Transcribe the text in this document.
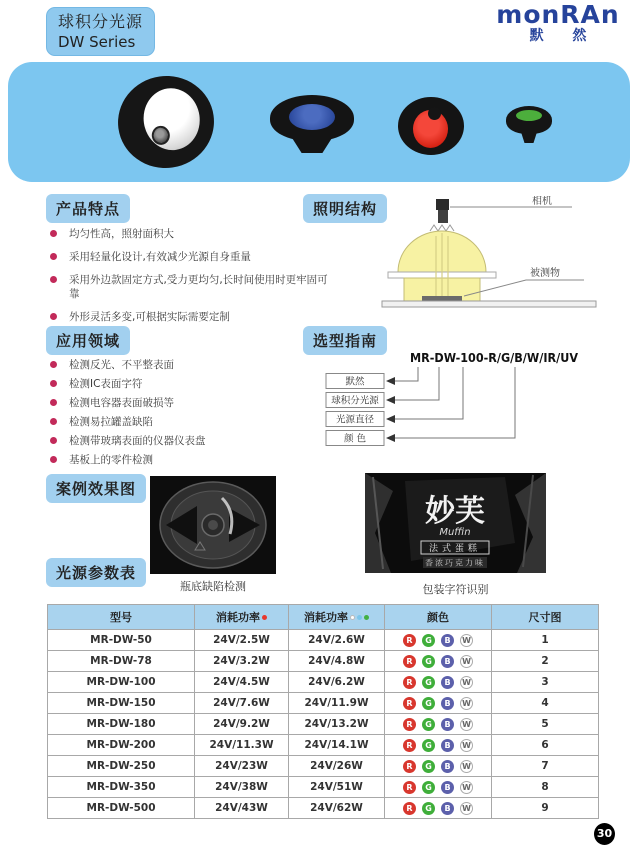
球积分光源
DW Series
monRAn
默 然
产品特点	照明结构
应用领域	选型指南
案例效果图
光源参数表
均匀性高，照射面积大
采用轻量化设计,有效减少光源自身重量
采用外边款固定方式,受力更均匀,长时间使用时更牢固可靠
外形灵活多变,可根据实际需要定制
检测反光、不平整表面
检测IC表面字符
检测电容器表面破损等
检测易拉罐盖缺陷
检测带玻璃表面的仪器仪表盘
基板上的零件检测
相机
被测物
MR-DW-100-R/G/B/W/IR/UV
默然
球积分光源
光源直径
颜 色
瓶底缺陷检测
妙芙
Muffin
法式蛋糕
香浓巧克力味
包装字符识别
型号	消耗功率	消耗功率	颜色	尺寸图
MR-DW-50	24V/2.5W	24V/2.6W	R G B W	1
MR-DW-78	24V/3.2W	24V/4.8W	R G B W	2
MR-DW-100	24V/4.5W	24V/6.2W	R G B W	3
MR-DW-150	24V/7.6W	24V/11.9W	R G B W	4
MR-DW-180	24V/9.2W	24V/13.2W	R G B W	5
MR-DW-200	24V/11.3W	24V/14.1W	R G B W	6
MR-DW-250	24V/23W	24V/26W	R G B W	7
MR-DW-350	24V/38W	24V/51W	R G B W	8
MR-DW-500	24V/43W	24V/62W	R G B W	9
30
